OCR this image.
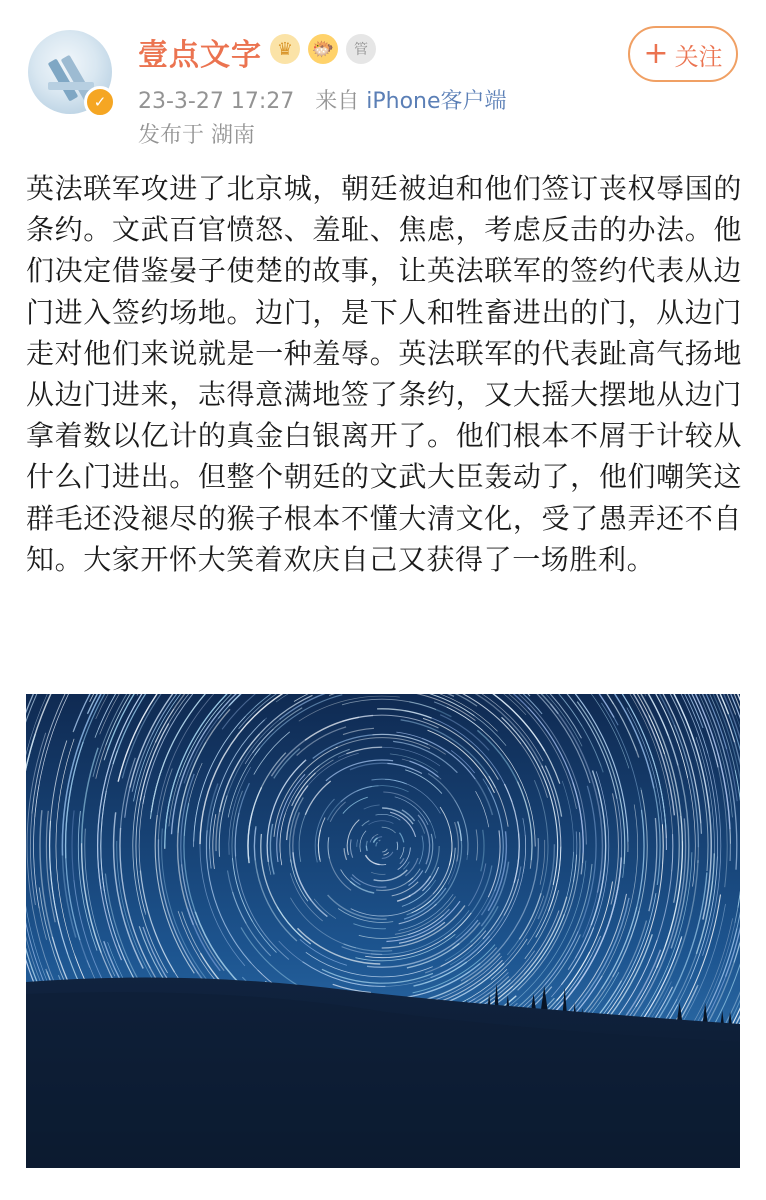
✓
壹点文字 ♛	🐡	管
23-3-27 17:27 来自 iPhone客户端
发布于 湖南
+ 关注
英法联军攻进了北京城，朝廷被迫和他们签订丧权辱国的条约。文武百官愤怒、羞耻、焦虑，考虑反击的办法。他们决定借鉴晏子使楚的故事，让英法联军的签约代表从边门进入签约场地。边门，是下人和牲畜进出的门，从边门走对他们来说就是一种羞辱。英法联军的代表趾高气扬地从边门进来，志得意满地签了条约，又大摇大摆地从边门拿着数以亿计的真金白银离开了。他们根本不屑于计较从什么门进出。但整个朝廷的文武大臣轰动了，他们嘲笑这群毛还没褪尽的猴子根本不懂大清文化，受了愚弄还不自知。大家开怀大笑着欢庆自己又获得了一场胜利。
